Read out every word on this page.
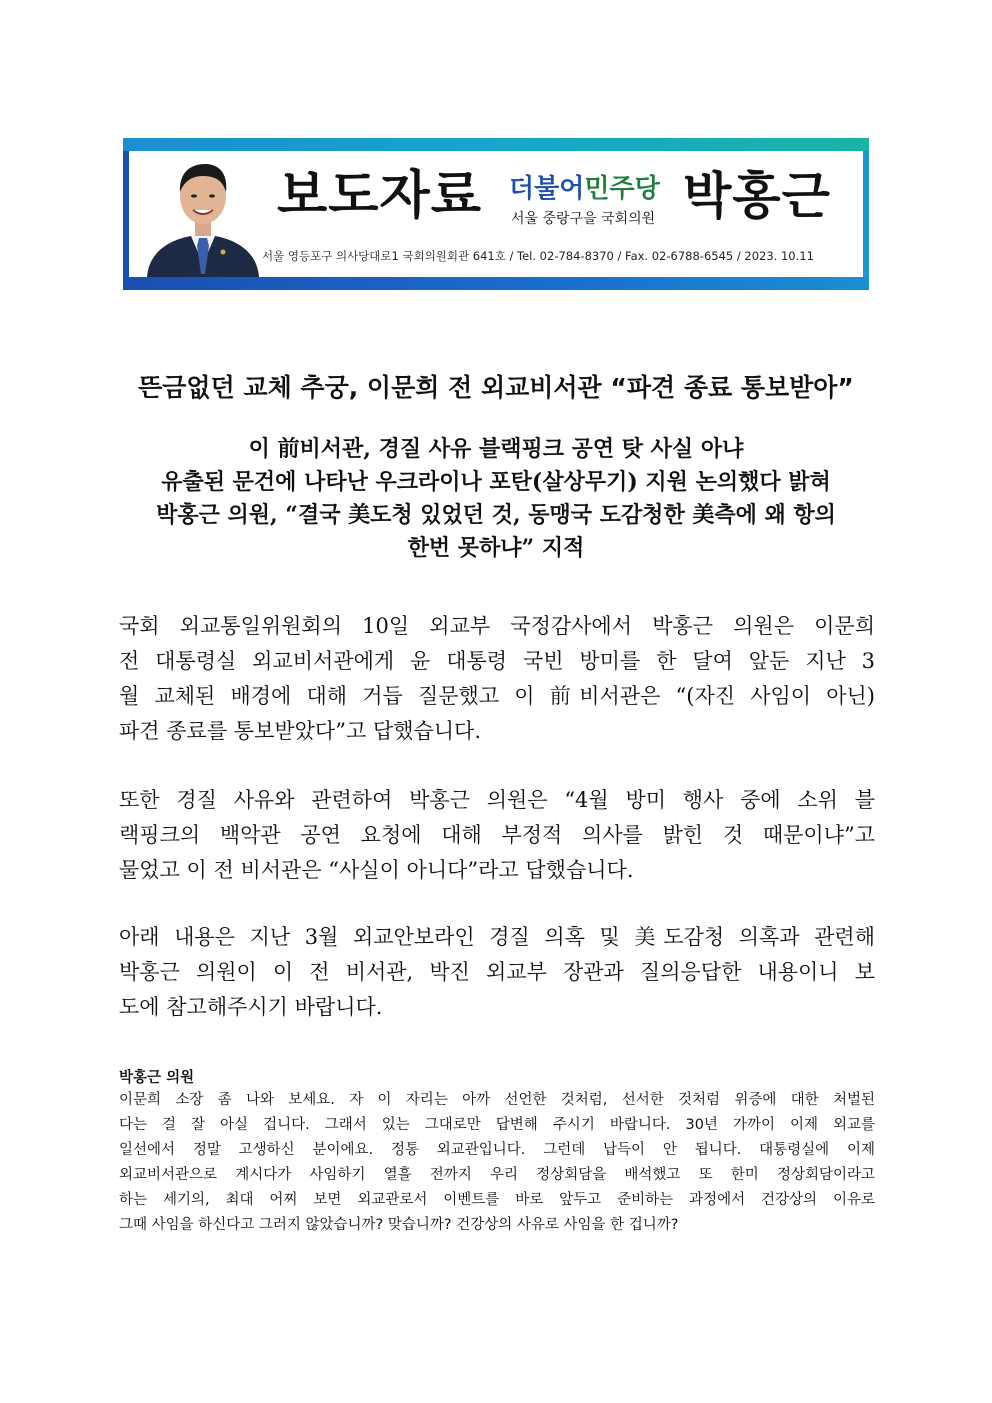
보도자료 더불어민주당
서울 중랑구을 국회의원 박홍근
서울 영등포구 의사당대로1 국회의원회관 641호 / Tel. 02-784-8370 / Fax. 02-6788-6545 / 2023. 10.11
뜬금없던 교체 추궁, 이문희 전 외교비서관 “파견 종료 통보받아”
이 前비서관, 경질 사유 블랙핑크 공연 탓 사실 아냐
유출된 문건에 나타난 우크라이나 포탄(살상무기) 지원 논의했다 밝혀
박홍근 의원, “결국 美도청 있었던 것, 동맹국 도감청한 美측에 왜 항의
한번 못하냐” 지적
국회 외교통일위원회의 10일 외교부 국정감사에서 박홍근 의원은 이문희
전 대통령실 외교비서관에게 윤 대통령 국빈 방미를 한 달여 앞둔 지난 3
월 교체된 배경에 대해 거듭 질문했고 이 前비서관은 “(자진 사임이 아닌)
파견 종료를 통보받았다”고 답했습니다.
또한 경질 사유와 관련하여 박홍근 의원은 “4월 방미 행사 중에 소위 블
랙핑크의 백악관 공연 요청에 대해 부정적 의사를 밝힌 것 때문이냐”고
물었고 이 전 비서관은 “사실이 아니다”라고 답했습니다.
아래 내용은 지난 3월 외교안보라인 경질 의혹 및 美도감청 의혹과 관련해
박홍근 의원이 이 전 비서관, 박진 외교부 장관과 질의응답한 내용이니 보
도에 참고해주시기 바랍니다.
박홍근 의원
이문희 소장 좀 나와 보세요. 자 이 자리는 아까 선언한 것처럼, 선서한 것처럼 위증에 대한 처벌된
다는 걸 잘 아실 겁니다. 그래서 있는 그대로만 답변해 주시기 바랍니다. 30년 가까이 이제 외교를
일선에서 정말 고생하신 분이에요. 정통 외교관입니다. 그런데 납득이 안 됩니다. 대통령실에 이제
외교비서관으로 계시다가 사임하기 열흘 전까지 우리 정상회담을 배석했고 또 한미 정상회담이라고
하는 세기의, 최대 어찌 보면 외교관로서 이벤트를 바로 앞두고 준비하는 과정에서 건강상의 이유로
그때 사임을 하신다고 그러지 않았습니까? 맞습니까? 건강상의 사유로 사임을 한 겁니까?
